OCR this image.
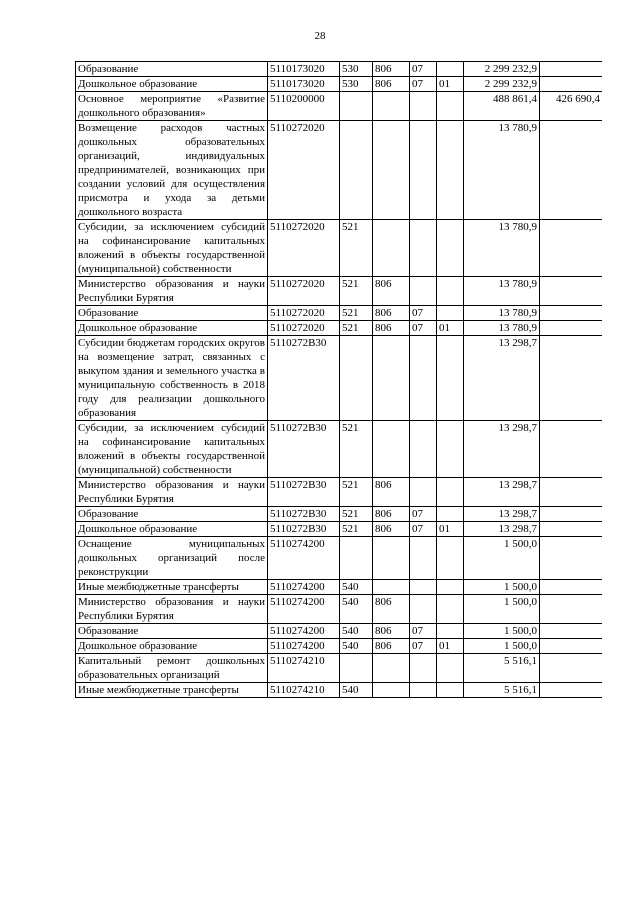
28
Образование	5110173020	530	806	07		2 299 232,9	
Дошкольное образование	5110173020	530	806	07	01	2 299 232,9	
Основное мероприятие «Развитие дошкольного образования»	5110200000					488 861,4	426 690,4
Возмещение расходов частных дошкольных образовательных организаций, индивидуальных предпринимателей, возникающих при создании условий для осуществления присмотра и ухода за детьми дошкольного возраста	5110272020					13 780,9	
Субсидии, за исключением субсидий на софинансирование капитальных вложений в объекты государственной (муниципальной) собственности	5110272020	521				13 780,9	
Министерство образования и науки Республики Бурятия	5110272020	521	806			13 780,9	
Образование	5110272020	521	806	07		13 780,9	
Дошкольное образование	5110272020	521	806	07	01	13 780,9	
Субсидии бюджетам городских округов на возмещение затрат, связанных с выкупом здания и земельного участка в муниципальную собственность в 2018 году для реализации дошкольного образования	5110272В30					13 298,7	
Субсидии, за исключением субсидий на софинансирование капитальных вложений в объекты государственной (муниципальной) собственности	5110272В30	521				13 298,7	
Министерство образования и науки Республики Бурятия	5110272В30	521	806			13 298,7	
Образование	5110272В30	521	806	07		13 298,7	
Дошкольное образование	5110272В30	521	806	07	01	13 298,7	
Оснащение муниципальных дошкольных организаций после реконструкции	5110274200					1 500,0	
Иные межбюджетные трансферты	5110274200	540				1 500,0	
Министерство образования и науки Республики Бурятия	5110274200	540	806			1 500,0	
Образование	5110274200	540	806	07		1 500,0	
Дошкольное образование	5110274200	540	806	07	01	1 500,0	
Капитальный ремонт дошкольных образовательных организаций	5110274210					5 516,1	
Иные межбюджетные трансферты	5110274210	540				5 516,1	
